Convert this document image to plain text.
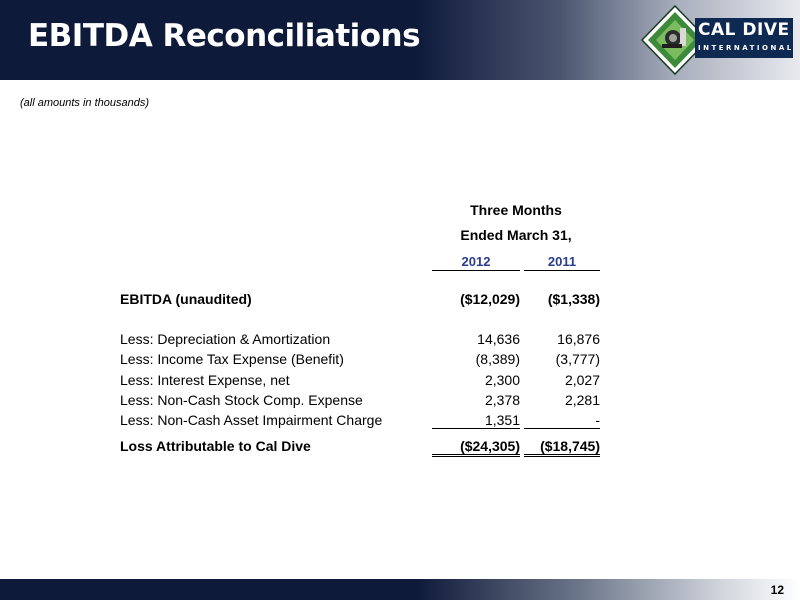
EBITDA Reconciliations	CAL DIVE
INTERNATIONAL
(all amounts in thousands)
Three Months
Ended March 31,
2012	2011
EBITDA (unaudited)	($12,029)	($1,338)
Less: Depreciation & Amortization	14,636	16,876
Less: Income Tax Expense (Benefit)	(8,389)	(3,777)
Less: Interest Expense, net	2,300	2,027
Less: Non-Cash Stock Comp. Expense	2,378	2,281
Less: Non-Cash Asset Impairment Charge	1,351	-
Loss Attributable to Cal Dive	($24,305)	($18,745)
12
